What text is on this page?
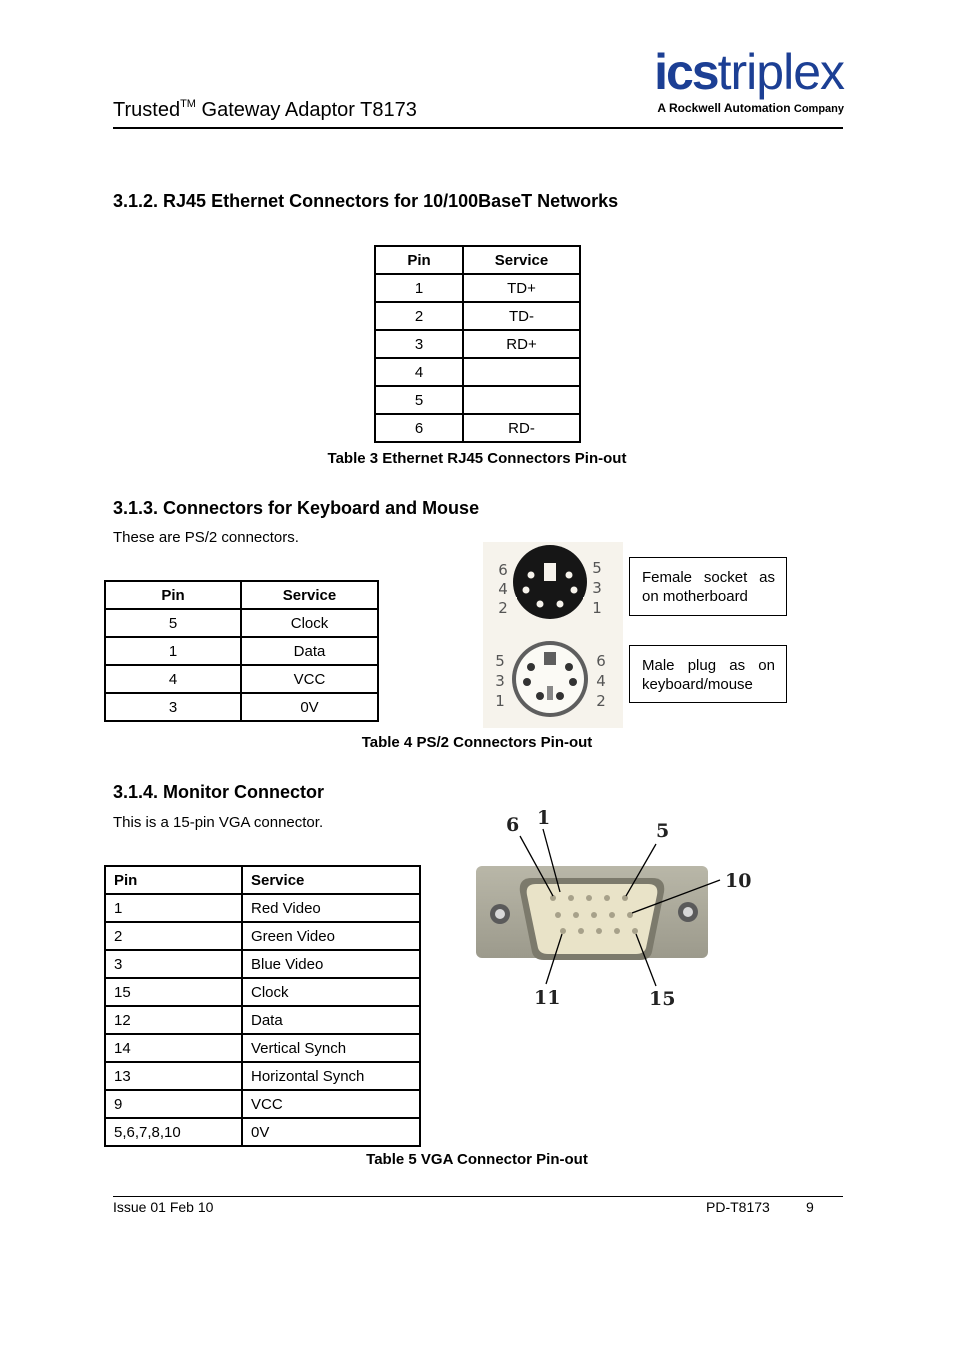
Trusted™ Gateway Adaptor T8173
icstriplex
A Rockwell Automation Company
3.1.2. RJ45 Ethernet Connectors for 10/100BaseT Networks
Pin	Service
1	TD+
2	TD-
3	RD+
4	
5	
6	RD-
Table 3 Ethernet RJ45 Connectors Pin-out
3.1.3. Connectors for Keyboard and Mouse
These are PS/2 connectors.
Pin	Service
5	Clock
1	Data
4	VCC
3	0V
6
4
2
5
3
1
5
3
1
6
4
2
Female socket as on motherboard
Male plug as on keyboard/mouse
Table 4 PS/2 Connectors Pin-out
3.1.4. Monitor Connector
This is a 15-pin VGA connector.
Pin	Service
1	Red Video
2	Green Video
3	Blue Video
15	Clock
12	Data
14	Vertical Synch
13	Horizontal Synch
9	VCC
5,6,7,8,10	0V
6 1
5
10
11	15
Table 5 VGA Connector Pin-out
Issue 01 Feb 10	PD-T8173	9
